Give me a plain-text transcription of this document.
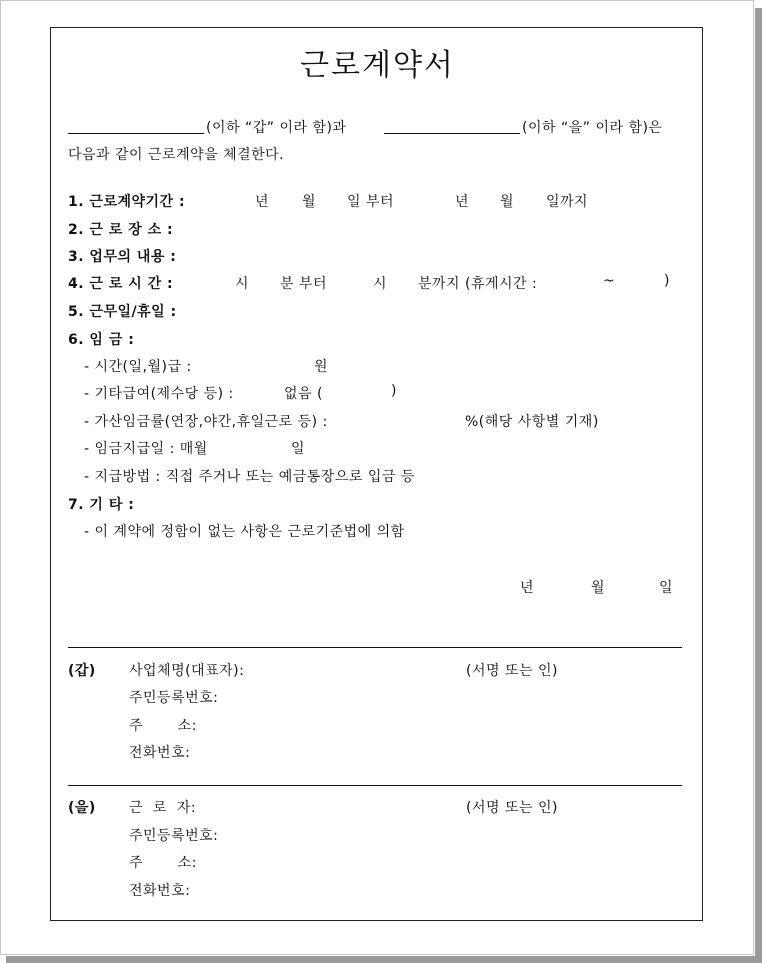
근로계약서
(이하 “갑” 이라 함)과	(이하 “을” 이라 함)은
다음과 같이 근로계약을 체결한다.
1. 근로계약기간 :	년 월 일 부터	년 월 일까지
2. 근 로 장 소 :
3. 업무의 내용 :
4. 근 로 시 간 :	시 분 부터	시 분까지 (휴게시간 :	~	)
5. 근무일/휴일 :
6. 임 금 :
- 시간(일,월)급 :	원
- 기타급여(제수당 등) :	없음 (	)
- 가산임금률(연장,야간,휴일근로 등) :	%(해당 사항별 기재)
- 임금지급일 : 매월	일
- 지급방법 : 직접 주거나 또는 예금통장으로 입금 등
7. 기 타 :
- 이 계약에 정함이 없는 사항은 근로기준법에 의함
년	월	일
(갑) 사업체명(대표자):	(서명 또는 인)
주민등록번호:
주       소:
전화번호:
(을) 근  로  자:	(서명 또는 인)
주민등록번호:
주       소:
전화번호:
